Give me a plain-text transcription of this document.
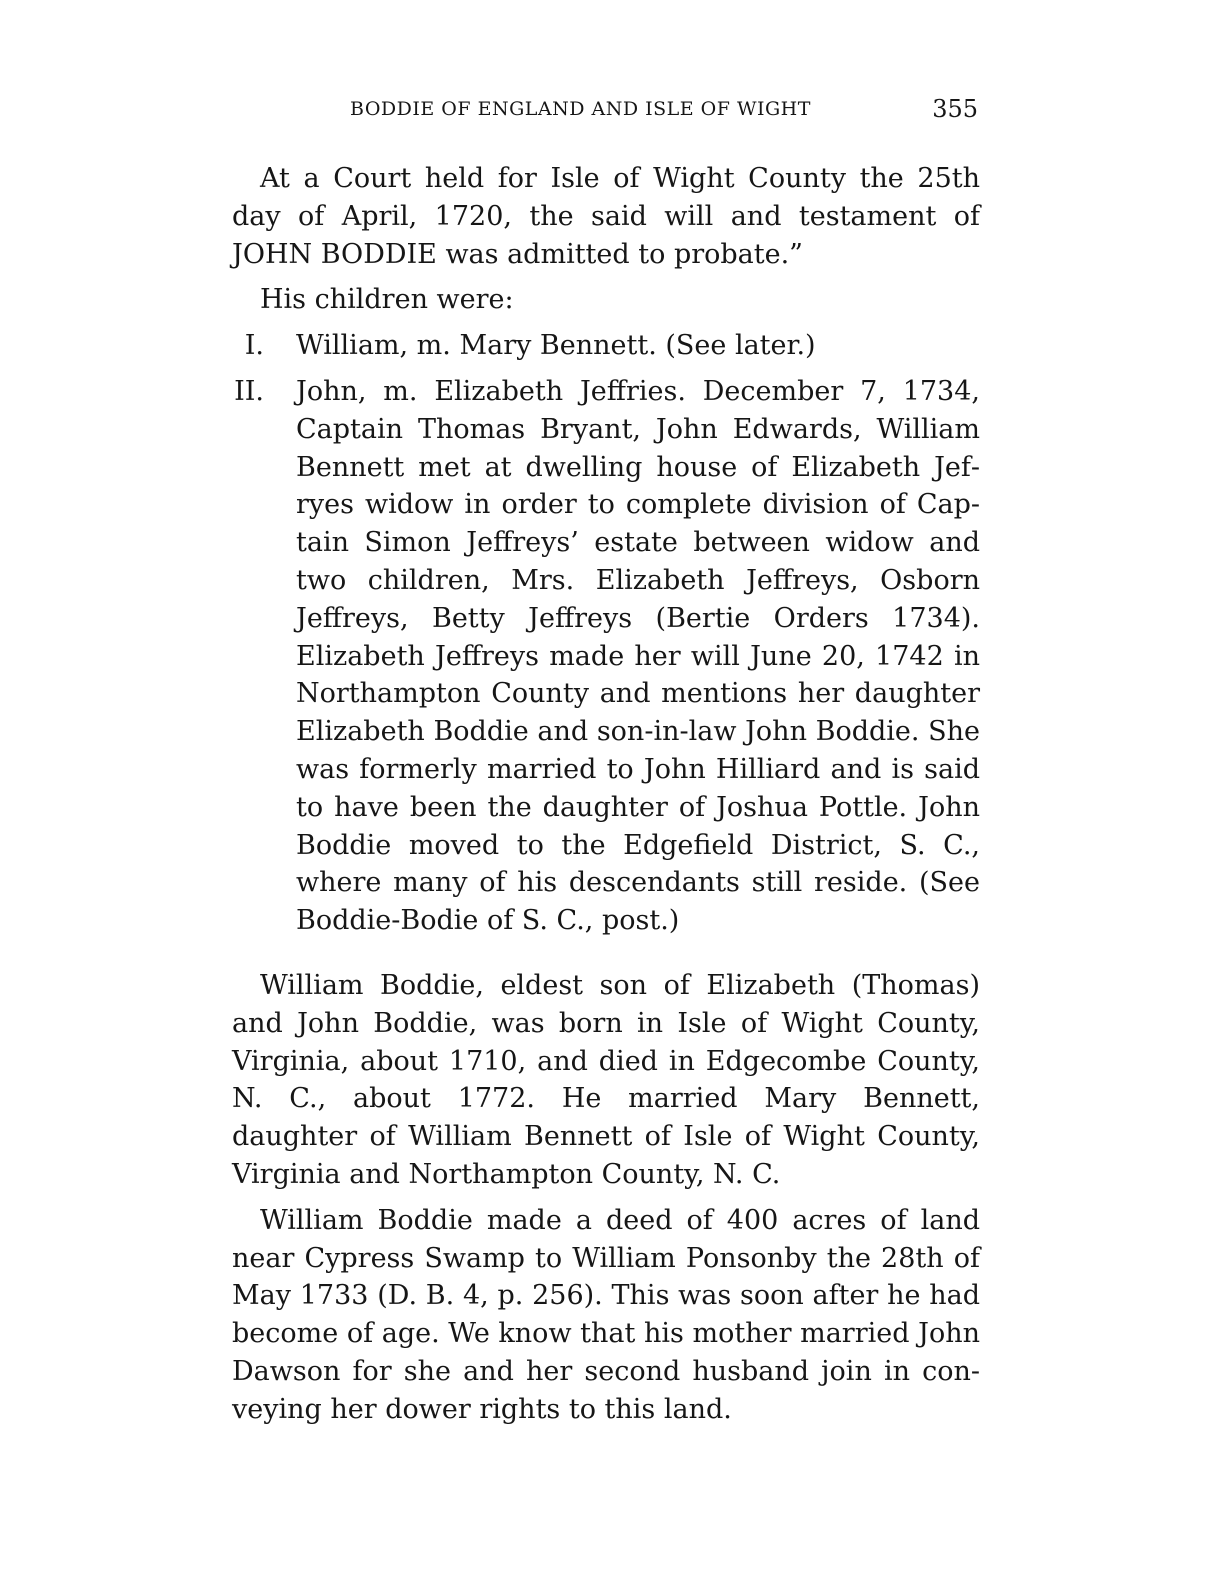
BODDIE OF ENGLAND AND ISLE OF WIGHT	355

At a Court held for Isle of Wight County the 25th day of April, 1720, the said will and testament of JOHN BODDIE was admitted to probate.”

His children were:

I. William, m. Mary Bennett. (See later.)
II. John, m. Elizabeth Jeffries. December 7, 1734, Captain Thomas Bryant, John Edwards, William Bennett met at dwelling house of Elizabeth Jefryes widow in order to complete division of Captain Simon Jeffreys’ estate between widow and two children, Mrs. Elizabeth Jeffreys, Osborn Jeffreys, Betty Jeffreys (Bertie Orders 1734). Elizabeth Jeffreys made her will June 20, 1742 in Northampton County and mentions her daughter Elizabeth Boddie and son-in-law John Boddie. She was formerly married to John Hilliard and is said to have been the daughter of Joshua Pottle. John Boddie moved to the Edgefield District, S. C., where many of his descendants still reside. (See Boddie-Bodie of S. C., post.)

William Boddie, eldest son of Elizabeth (Thomas) and John Boddie, was born in Isle of Wight County, Virginia, about 1710, and died in Edgecombe County, N. C., about 1772. He married Mary Bennett, daughter of William Bennett of Isle of Wight County, Virginia and Northampton County, N. C.

William Boddie made a deed of 400 acres of land near Cypress Swamp to William Ponsonby the 28th of May 1733 (D. B. 4, p. 256). This was soon after he had become of age. We know that his mother married John Dawson for she and her second husband join in conveying her dower rights to this land.
